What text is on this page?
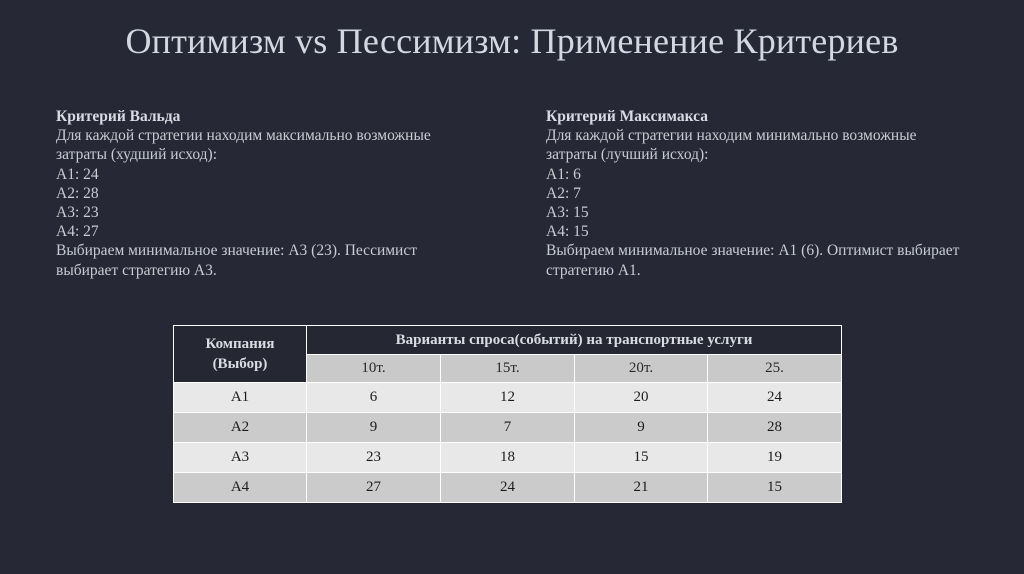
Оптимизм vs Пессимизм: Применение Критериев
Критерий Вальда
Для каждой стратегии находим максимально возможные
затраты (худший исход):
A1: 24
A2: 28
A3: 23
A4: 27
Выбираем минимальное значение: A3 (23). Пессимист
выбирает стратегию A3.
Критерий Максимакса
Для каждой стратегии находим минимально возможные
затраты (лучший исход):
A1: 6
A2: 7
A3: 15
A4: 15
Выбираем минимальное значение: A1 (6). Оптимист выбирает
стратегию A1.
Компания
(Выбор)	Варианты спроса(событий) на транспортные услуги			
	10т.	15т.	20т.	25.
A1	6	12	20	24
A2	9	7	9	28
A3	23	18	15	19
A4	27	24	21	15
